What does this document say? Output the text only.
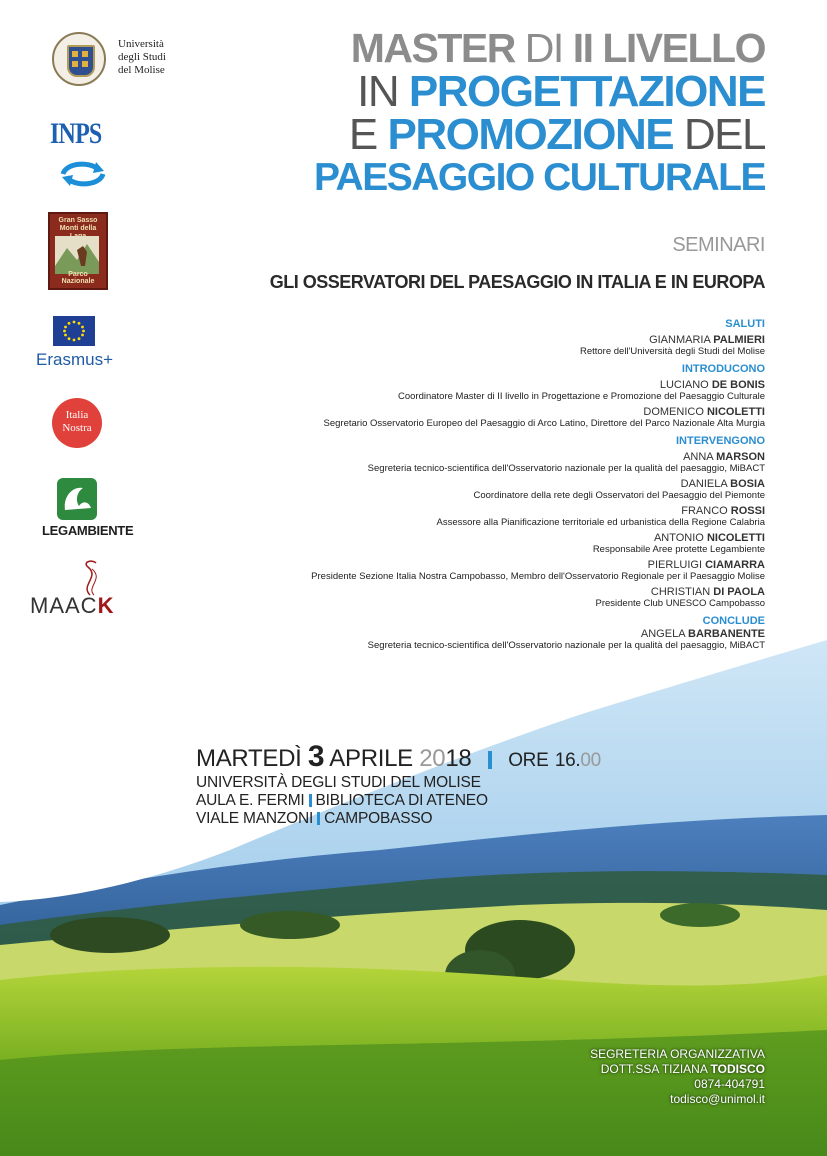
Università
degli Studi
del Molise
INPS
Gran Sasso Monti della
Parco Nazionale
Erasmus+
Italia
Nostra
LEGAMBIENTE
MAACK
MASTER DI II LIVELLO
IN PROGETTAZIONE
E PROMOZIONE DEL
PAESAGGIO CULTURALE
SEMINARI
GLI OSSERVATORI DEL PAESAGGIO IN ITALIA E IN EUROPA
SALUTI
GIANMARIA PALMIERI
Rettore dell'Università degli Studi del Molise
INTRODUCONO
LUCIANO DE BONIS
Coordinatore Master di II livello in Progettazione e Promozione del Paesaggio Culturale
DOMENICO NICOLETTI
Segretario Osservatorio Europeo del Paesaggio di Arco Latino, Direttore del Parco Nazionale Alta Murgia
INTERVENGONO
ANNA MARSON
Segreteria tecnico-scientifica dell'Osservatorio nazionale per la qualità del paesaggio, MiBACT
DANIELA BOSIA
Coordinatore della rete degli Osservatori del Paesaggio del Piemonte
FRANCO ROSSI
Assessore alla Pianificazione territoriale ed urbanistica della Regione Calabria
ANTONIO NICOLETTI
Responsabile Aree protette Legambiente
PIERLUIGI CIAMARRA
Presidente Sezione Italia Nostra Campobasso, Membro dell'Osservatorio Regionale per il Paesaggio Molise
CHRISTIAN DI PAOLA
Presidente Club UNESCO Campobasso
CONCLUDE
ANGELA BARBANENTE
Segreteria tecnico-scientifica dell'Osservatorio nazionale per la qualità del paesaggio, MiBACT
MARTEDÌ 3 APRILE 2018 ORE 16.00
UNIVERSITÀ DEGLI STUDI DEL MOLISE
AULA E. FERMI BIBLIOTECA DI ATENEO
VIALE MANZONI CAMPOBASSO
SEGRETERIA ORGANIZZATIVA
DOTT.SSA TIZIANA TODISCO
0874-404791
todisco@unimol.it
